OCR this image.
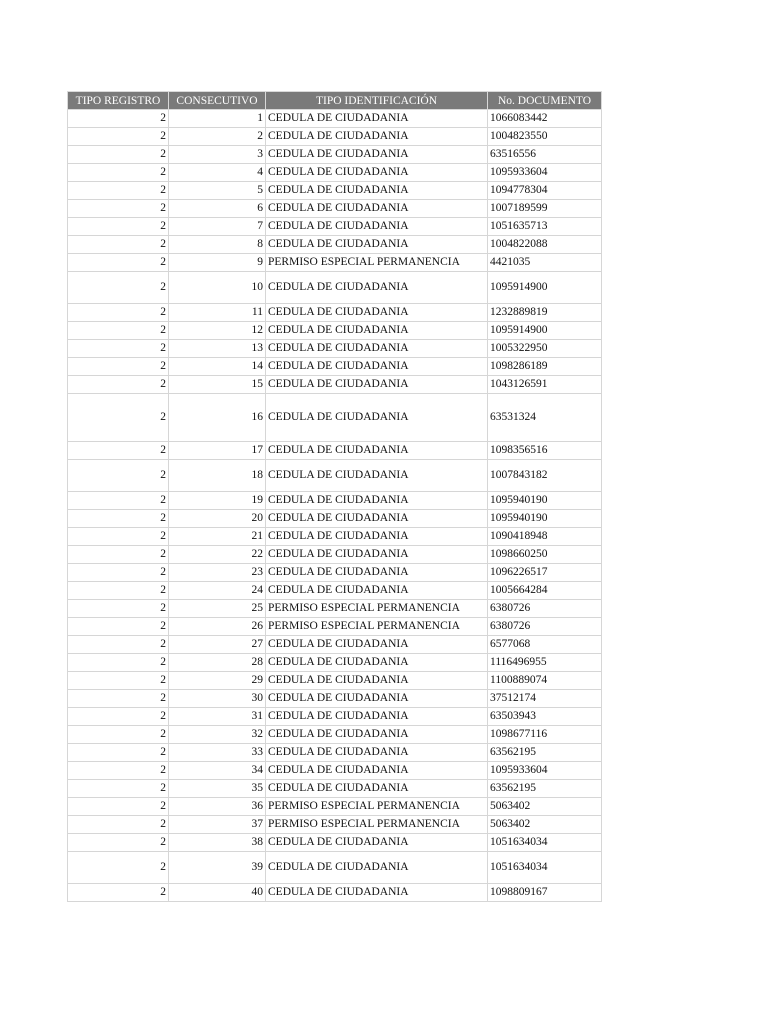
TIPO REGISTRO	CONSECUTIVO	TIPO IDENTIFICACIÓN	No. DOCUMENTO
2	1	CEDULA DE CIUDADANIA	1066083442
2	2	CEDULA DE CIUDADANIA	1004823550
2	3	CEDULA DE CIUDADANIA	63516556
2	4	CEDULA DE CIUDADANIA	1095933604
2	5	CEDULA DE CIUDADANIA	1094778304
2	6	CEDULA DE CIUDADANIA	1007189599
2	7	CEDULA DE CIUDADANIA	1051635713
2	8	CEDULA DE CIUDADANIA	1004822088
2	9	PERMISO ESPECIAL PERMANENCIA	4421035
2	10	CEDULA DE CIUDADANIA	1095914900
2	11	CEDULA DE CIUDADANIA	1232889819
2	12	CEDULA DE CIUDADANIA	1095914900
2	13	CEDULA DE CIUDADANIA	1005322950
2	14	CEDULA DE CIUDADANIA	1098286189
2	15	CEDULA DE CIUDADANIA	1043126591
2	16	CEDULA DE CIUDADANIA	63531324
2	17	CEDULA DE CIUDADANIA	1098356516
2	18	CEDULA DE CIUDADANIA	1007843182
2	19	CEDULA DE CIUDADANIA	1095940190
2	20	CEDULA DE CIUDADANIA	1095940190
2	21	CEDULA DE CIUDADANIA	1090418948
2	22	CEDULA DE CIUDADANIA	1098660250
2	23	CEDULA DE CIUDADANIA	1096226517
2	24	CEDULA DE CIUDADANIA	1005664284
2	25	PERMISO ESPECIAL PERMANENCIA	6380726
2	26	PERMISO ESPECIAL PERMANENCIA	6380726
2	27	CEDULA DE CIUDADANIA	6577068
2	28	CEDULA DE CIUDADANIA	1116496955
2	29	CEDULA DE CIUDADANIA	1100889074
2	30	CEDULA DE CIUDADANIA	37512174
2	31	CEDULA DE CIUDADANIA	63503943
2	32	CEDULA DE CIUDADANIA	1098677116
2	33	CEDULA DE CIUDADANIA	63562195
2	34	CEDULA DE CIUDADANIA	1095933604
2	35	CEDULA DE CIUDADANIA	63562195
2	36	PERMISO ESPECIAL PERMANENCIA	5063402
2	37	PERMISO ESPECIAL PERMANENCIA	5063402
2	38	CEDULA DE CIUDADANIA	1051634034
2	39	CEDULA DE CIUDADANIA	1051634034
2	40	CEDULA DE CIUDADANIA	1098809167
